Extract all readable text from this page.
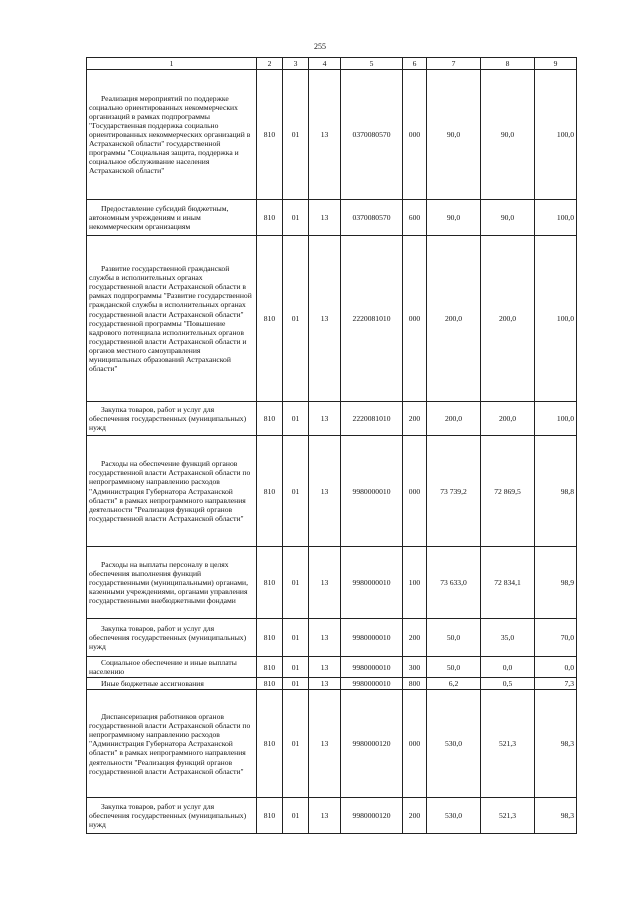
255
1	2	3	4	5	6	7	8	9

Реализация мероприятий по поддержке социально ориентированных некоммерческих организаций в рамках подпрограммы "Государственная поддержка социально ориентированных некоммерческих организаций в Астраханской области" государственной программы "Социальная защита, поддержка и социальное обслуживание населения Астраханской области"	810	01	13	0370080570	000	90,0	90,0	100,0

Предоставление субсидий бюджетным, автономным учреждениям и иным некоммерческим организациям	810	01	13	0370080570	600	90,0	90,0	100,0

Развитие государственной гражданской службы в исполнительных органах государственной власти Астраханской области в рамках подпрограммы "Развитие государственной гражданской службы в исполнительных органах государственной власти Астраханской области" государственной программы "Повышение кадрового потенциала исполнительных органов государственной власти Астраханской области и органов местного самоуправления муниципальных образований Астраханской области"	810	01	13	2220081010	000	200,0	200,0	100,0

Закупка товаров, работ и услуг для обеспечения государственных (муниципальных) нужд	810	01	13	2220081010	200	200,0	200,0	100,0

Расходы на обеспечение функций органов государственной власти Астраханской области по непрограммному направлению расходов "Администрация Губернатора Астраханской области" в рамках непрограммного направления деятельности "Реализация функций органов государственной власти Астраханской области"	810	01	13	9980000010	000	73 739,2	72 869,5	98,8

Расходы на выплаты персоналу в целях обеспечения выполнения функций государственными (муниципальными) органами, казенными учреждениями, органами управления государственными внебюджетными фондами	810	01	13	9980000010	100	73 633,0	72 834,1	98,9

Закупка товаров, работ и услуг для обеспечения государственных (муниципальных) нужд	810	01	13	9980000010	200	50,0	35,0	70,0

Социальное обеспечение и иные выплаты населению	810	01	13	9980000010	300	50,0	0,0	0,0

Иные бюджетные ассигнования	810	01	13	9980000010	800	6,2	0,5	7,3

Диспансеризация работников органов государственной власти Астраханской области по непрограммному направлению расходов "Администрация Губернатора Астраханской области" в рамках непрограммного направления деятельности "Реализация функций органов государственной власти Астраханской области"	810	01	13	9980000120	000	530,0	521,3	98,3

Закупка товаров, работ и услуг для обеспечения государственных (муниципальных) нужд	810	01	13	9980000120	200	530,0	521,3	98,3
